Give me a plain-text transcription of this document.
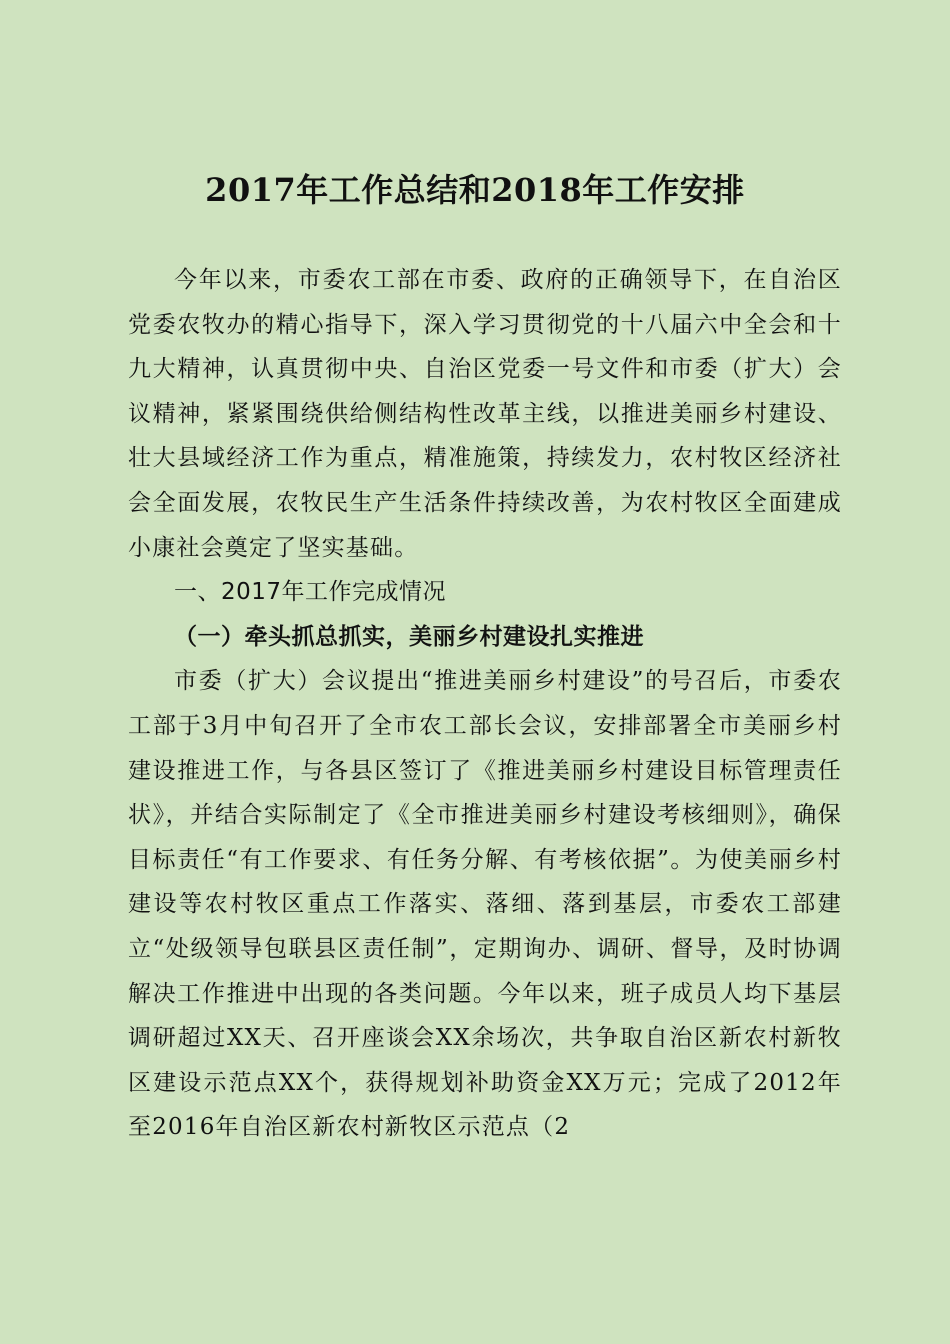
2017年工作总结和2018年工作安排

今年以来，市委农工部在市委、政府的正确领导下，在自治区党委农牧办的精心指导下，深入学习贯彻党的十八届六中全会和十九大精神，认真贯彻中央、自治区党委一号文件和市委（扩大）会议精神，紧紧围绕供给侧结构性改革主线，以推进美丽乡村建设、壮大县域经济工作为重点，精准施策，持续发力，农村牧区经济社会全面发展，农牧民生产生活条件持续改善，为农村牧区全面建成小康社会奠定了坚实基础。

一、2017年工作完成情况

（一）牵头抓总抓实，美丽乡村建设扎实推进

市委（扩大）会议提出“推进美丽乡村建设”的号召后，市委农工部于3月中旬召开了全市农工部长会议，安排部署全市美丽乡村建设推进工作，与各县区签订了《推进美丽乡村建设目标管理责任状》，并结合实际制定了《全市推进美丽乡村建设考核细则》，确保目标责任“有工作要求、有任务分解、有考核依据”。为使美丽乡村建设等农村牧区重点工作落实、落细、落到基层，市委农工部建立“处级领导包联县区责任制”，定期询办、调研、督导，及时协调解决工作推进中出现的各类问题。今年以来，班子成员人均下基层调研超过XX天、召开座谈会XX余场次，共争取自治区新农村新牧区建设示范点XX个，获得规划补助资金XX万元；完成了2012年至2016年自治区新农村新牧区示范点（2
